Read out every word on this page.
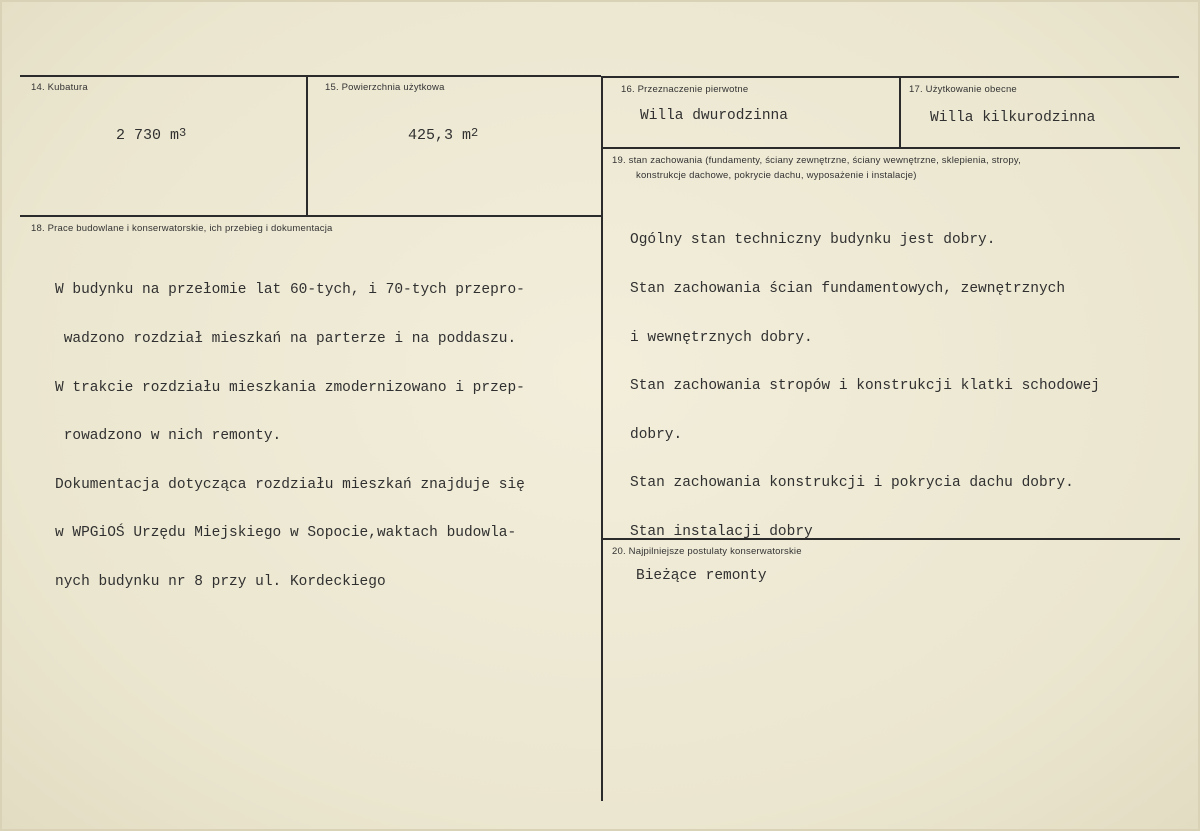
14. Kubatura
2 730 $m^3$
15. Powierzchnia użytkowa
425,3 $m^2$
16. Przeznaczenie pierwotne
Willa dwurodzinna
17. Użytkowanie obecne
Willa kilkurodzinna
18. Prace budowlane i konserwatorskie, ich przebieg i dokumentacja

W budynku na przełomie lat 60-tych, i 70-tych przepro-

wadzono rozdział mieszkań na parterze i na poddaszu.

W trakcie rozdziału mieszkania zmodernizowano i przep-

rowadzono w nich remonty.

Dokumentacja dotycząca rozdziału mieszkań znajduje się

w WPGiOŚ Urzędu Miejskiego w Sopocie,waktach budowla-

nych budynku nr 8 przy ul. Kordeckiego

19. stan zachowania (fundamenty, ściany zewnętrzne, ściany wewnętrzne, sklepienia, stropy,
konstrukcje dachowe, pokrycie dachu, wyposażenie i instalacje)

Ogólny stan techniczny budynku jest dobry.

Stan zachowania ścian fundamentowych, zewnętrznych

i wewnętrznych dobry.

Stan zachowania stropów i konstrukcji klatki schodowej

dobry.

Stan zachowania konstrukcji i pokrycia dachu dobry.

Stan instalacji dobry

20. Najpilniejsze postulaty konserwatorskie
Bieżące remonty
